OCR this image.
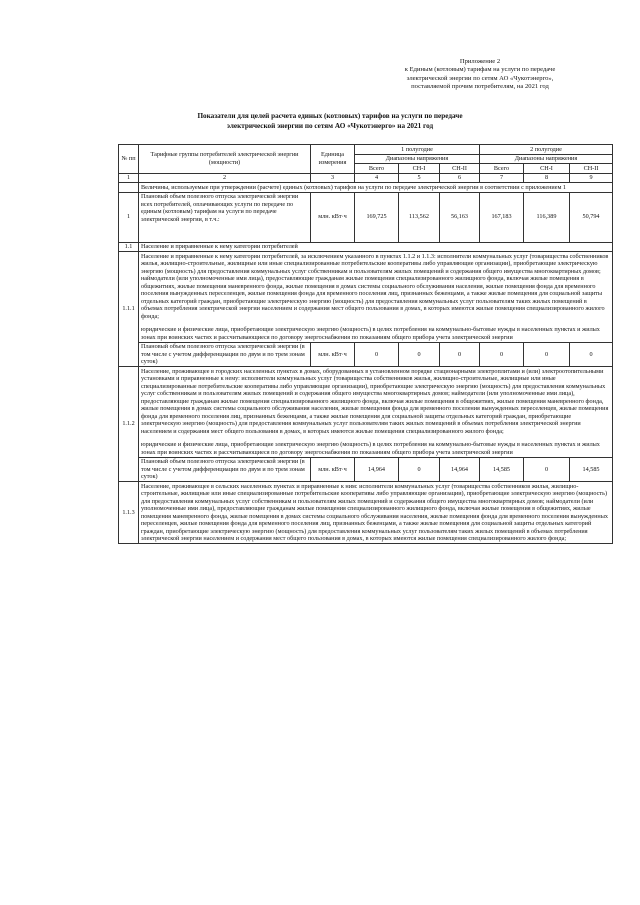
Приложение 2
к Единым (котловым) тарифам на услуги по передаче
электрической энергии по сетям АО «Чукотэнерго»,
поставляемой прочим потребителям, на 2021 год
Показатели для целей расчета единых (котловых) тарифов на услуги по передаче
электрической энергии по сетям АО «Чукотэнерго» на 2021 год
№ пп	Тарифные группы потребителей электрической энергии (мощности)	Единица измерения	1 полугодие			2 полугодие		
			Диапазоны напряжения			Диапазоны напряжения		
			Всего	СН-I	СН-II	Всего	СН-I	СН-II
1	2	3	4	5	6	7	8	9
	Величины, используемые при утверждении (расчете) единых (котловых) тарифов на услуги по передаче электрической энергии в соответствии с приложением 1							
1	Плановый объем полезного отпуска электрической энергии всех потребителей, оплачивающих услуги по передаче по единым (котловым) тарифам на услуги по передаче электрической энергии, в т.ч.:	млн. кВт·ч	169,725	113,562	56,163	167,183	116,389	50,794
1.1	Население и приравненные к нему категории потребителей							
1.1.1	Население и приравненные к нему категории потребителей, за исключением указанного в пунктах 1.1.2 и 1.1.3: исполнители коммунальных услуг (товарищества собственников жилья, жилищно-строительные, жилищные или иные специализированные потребительские кооперативы либо управляющие организации), приобретающие электрическую энергию (мощность) для предоставления коммунальных услуг собственникам и пользователям жилых помещений и содержания общего имущества многоквартирных домов; наймодатели (или уполномоченные ими лица), предоставляющие гражданам жилые помещения специализированного жилищного фонда, включая жилые помещения в общежитиях, жилые помещения маневренного фонда, жилые помещения в домах системы социального обслуживания населения, жилые помещения фонда для временного поселения вынужденных переселенцев, жилые помещения фонда для временного поселения лиц, признанных беженцами, а также жилые помещения для социальной защиты отдельных категорий граждан, приобретающие электрическую энергию (мощность) для предоставления коммунальных услуг пользователям таких жилых помещений в объемах потребления электрической энергии населением и содержания мест общего пользования в домах, в которых имеются жилые помещения специализированного жилого фонда;
юридические и физические лица, приобретающие электрическую энергию (мощность) в целях потребления на коммунально-бытовые нужды в населенных пунктах и жилых зонах при воинских частях и рассчитывающиеся по договору энергоснабжения по показаниям общего прибора учета электрической энергии							

	Плановый объем полезного отпуска электрической энергии (в том числе с учетом дифференциации по двум и по трем зонам суток)	млн. кВт·ч	0	0	0	0	0	0
1.1.2	Население, проживающее в городских населенных пунктах в домах, оборудованных в установленном порядке стационарными электроплитами и (или) электроотопительными установками и приравненные к нему: исполнители коммунальных услуг (товарищества собственников жилья, жилищно-строительные, жилищные или иные специализированные потребительские кооперативы либо управляющие организации), приобретающие электрическую энергию (мощность) для предоставления коммунальных услуг собственникам и пользователям жилых помещений и содержания общего имущества многоквартирных домов; наймодатели (или уполномоченные ими лица), предоставляющие гражданам жилые помещения специализированного жилищного фонда, включая жилые помещения в общежитиях, жилые помещения маневренного фонда, жилые помещения в домах системы социального обслуживания населения, жилые помещения фонда для временного поселения вынужденных переселенцев, жилые помещения фонда для временного поселения лиц, признанных беженцами, а также жилые помещения для социальной защиты отдельных категорий граждан, приобретающие электрическую энергию (мощность) для предоставления коммунальных услуг пользователям таких жилых помещений в объемах потребления электрической энергии населением и содержания мест общего пользования в домах, в которых имеются жилые помещения специализированного жилого фонда;
юридические и физические лица, приобретающие электрическую энергию (мощность) в целях потребления на коммунально-бытовые нужды в населенных пунктах и жилых зонах при воинских частях и рассчитывающиеся по договору энергоснабжения по показаниям общего прибора учета электрической энергии							

	Плановый объем полезного отпуска электрической энергии (в том числе с учетом дифференциации по двум и по трем зонам суток)	млн. кВт·ч	14,964	0	14,964	14,585	0	14,585
1.1.3	Население, проживающее в сельских населенных пунктах и приравненные к ним: исполнители коммунальных услуг (товарищества собственников жилья, жилищно-строительные, жилищные или иные специализированные потребительские кооперативы либо управляющие организации), приобретающие электрическую энергию (мощность) для предоставления коммунальных услуг собственникам и пользователям жилых помещений и содержания общего имущества многоквартирных домов; наймодатели (или уполномоченные ими лица), предоставляющие гражданам жилые помещения специализированного жилищного фонда, включая жилые помещения в общежитиях, жилые помещения маневренного фонда, жилые помещения в домах системы социального обслуживания населения, жилые помещения фонда для временного поселения вынужденных переселенцев, жилые помещения фонда для временного поселения лиц, признанных беженцами, а также жилые помещения для социальной защиты отдельных категорий граждан, приобретающие электрическую энергию (мощность) для предоставления коммунальных услуг пользователям таких жилых помещений в объемах потребления электрической энергии населением и содержания мест общего пользования в домах, в которых имеются жилые помещения специализированного жилого фонда;							
